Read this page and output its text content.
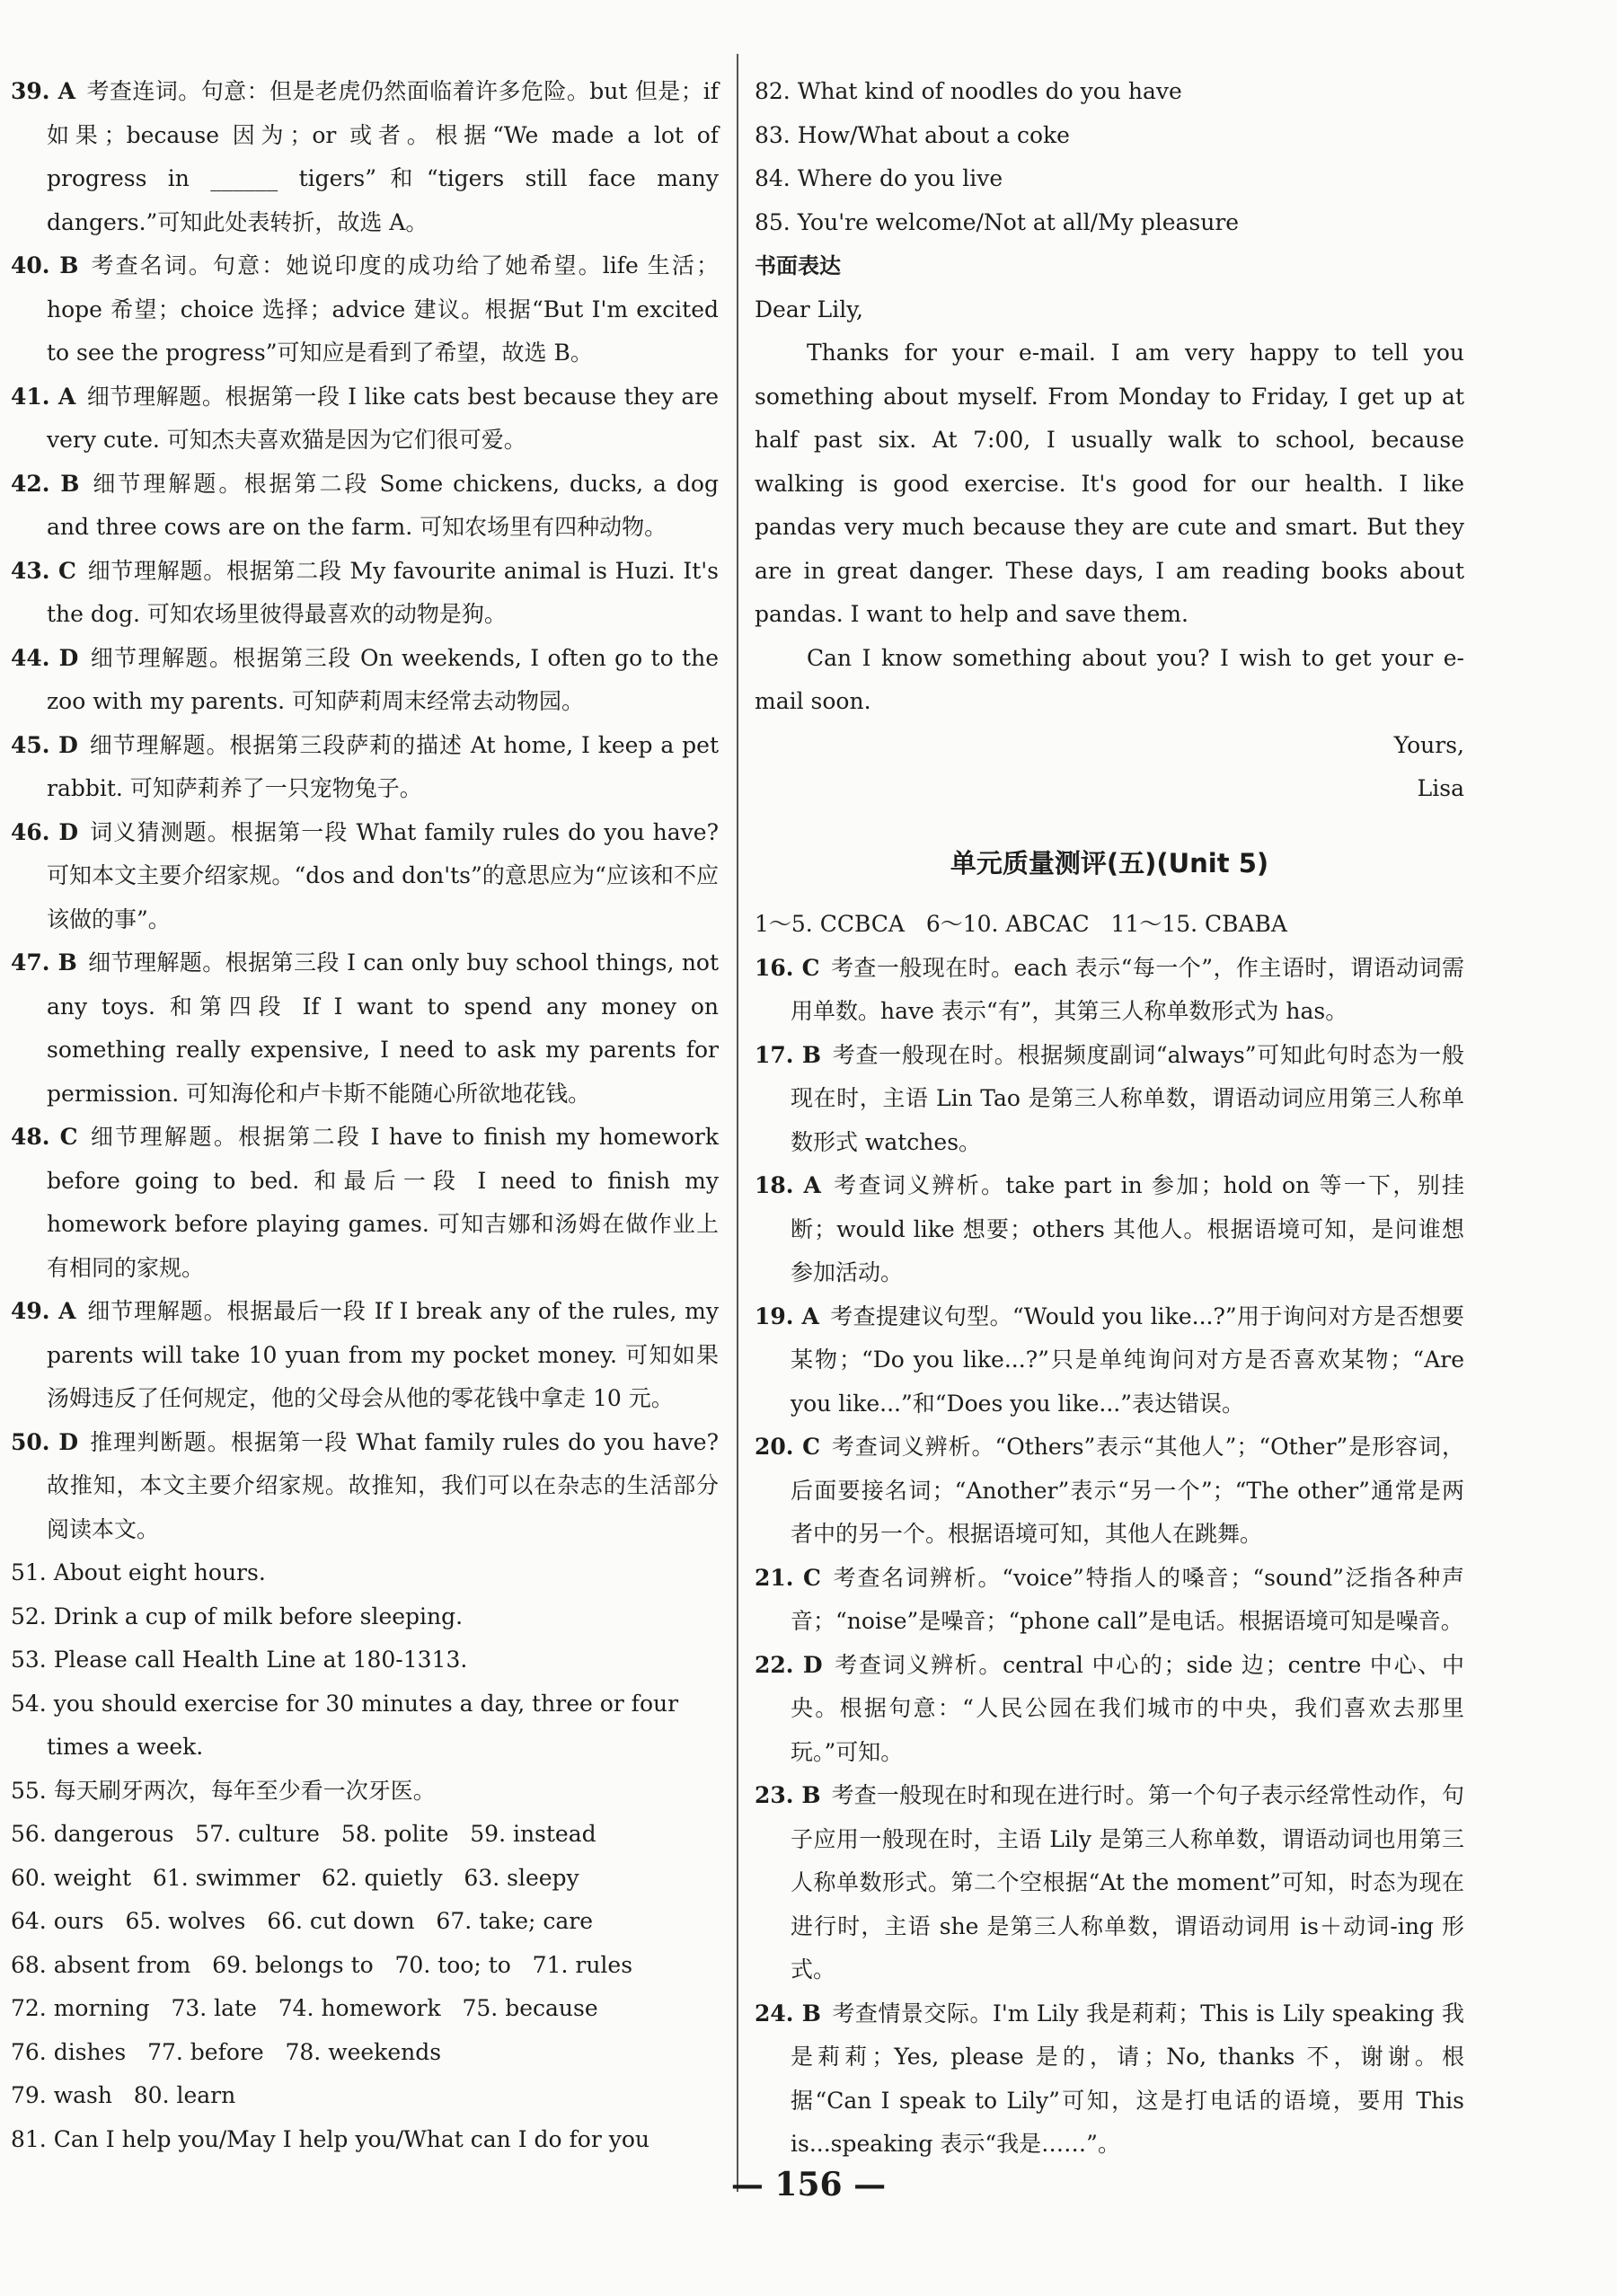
39. A 考查连词。句意：但是老虎仍然面临着许多危险。but 但是；if 如果；because 因为；or 或者。根据“We made a lot of progress in ______ tigers”和“tigers still face many dangers.”可知此处表转折，故选 A。
40. B 考查名词。句意：她说印度的成功给了她希望。life 生活；hope 希望；choice 选择；advice 建议。根据“But I'm excited to see the progress”可知应是看到了希望，故选 B。
41. A 细节理解题。根据第一段 I like cats best because they are very cute. 可知杰夫喜欢猫是因为它们很可爱。
42. B 细节理解题。根据第二段 Some chickens, ducks, a dog and three cows are on the farm. 可知农场里有四种动物。
43. C 细节理解题。根据第二段 My favourite animal is Huzi. It's the dog. 可知农场里彼得最喜欢的动物是狗。
44. D 细节理解题。根据第三段 On weekends, I often go to the zoo with my parents. 可知萨莉周末经常去动物园。
45. D 细节理解题。根据第三段萨莉的描述 At home, I keep a pet rabbit. 可知萨莉养了一只宠物兔子。
46. D 词义猜测题。根据第一段 What family rules do you have? 可知本文主要介绍家规。“dos and don'ts”的意思应为“应该和不应该做的事”。
47. B 细节理解题。根据第三段 I can only buy school things, not any toys. 和第四段 If I want to spend any money on something really expensive, I need to ask my parents for permission. 可知海伦和卢卡斯不能随心所欲地花钱。
48. C 细节理解题。根据第二段 I have to finish my homework before going to bed. 和最后一段 I need to finish my homework before playing games. 可知吉娜和汤姆在做作业上有相同的家规。
49. A 细节理解题。根据最后一段 If I break any of the rules, my parents will take 10 yuan from my pocket money. 可知如果汤姆违反了任何规定，他的父母会从他的零花钱中拿走 10 元。
50. D 推理判断题。根据第一段 What family rules do you have? 故推知，本文主要介绍家规。故推知，我们可以在杂志的生活部分阅读本文。
51. About eight hours.
52. Drink a cup of milk before sleeping.
53. Please call Health Line at 180-1313.
54. you should exercise for 30 minutes a day, three or four times a week.
55. 每天刷牙两次，每年至少看一次牙医。
56. dangerous   57. culture   58. polite   59. instead
60. weight   61. swimmer   62. quietly   63. sleepy
64. ours   65. wolves   66. cut down   67. take; care
68. absent from   69. belongs to   70. too; to   71. rules
72. morning   73. late   74. homework   75. because
76. dishes   77. before   78. weekends
79. wash   80. learn
81. Can I help you/May I help you/What can I do for you
82. What kind of noodles do you have
83. How/What about a coke
84. Where do you live
85. You're welcome/Not at all/My pleasure
书面表达
Dear Lily,
Thanks for your e-mail. I am very happy to tell you something about myself. From Monday to Friday, I get up at half past six. At 7:00, I usually walk to school, because walking is good exercise. It's good for our health. I like pandas very much because they are cute and smart. But they are in great danger. These days, I am reading books about pandas. I want to help and save them.
Can I know something about you? I wish to get your e-mail soon.
Yours,
Lisa
单元质量测评(五)(Unit 5)
1～5. CCBCA   6～10. ABCAC   11～15. CBABA
16. C 考查一般现在时。each 表示“每一个”，作主语时，谓语动词需用单数。have 表示“有”，其第三人称单数形式为 has。
17. B 考查一般现在时。根据频度副词“always”可知此句时态为一般现在时，主语 Lin Tao 是第三人称单数，谓语动词应用第三人称单数形式 watches。
18. A 考查词义辨析。take part in 参加；hold on 等一下，别挂断；would like 想要；others 其他人。根据语境可知，是问谁想参加活动。
19. A 考查提建议句型。“Would you like...?”用于询问对方是否想要某物；“Do you like...?”只是单纯询问对方是否喜欢某物；“Are you like...”和“Does you like...”表达错误。
20. C 考查词义辨析。“Others”表示“其他人”；“Other”是形容词，后面要接名词；“Another”表示“另一个”；“The other”通常是两者中的另一个。根据语境可知，其他人在跳舞。
21. C 考查名词辨析。“voice”特指人的嗓音；“sound”泛指各种声音；“noise”是噪音；“phone call”是电话。根据语境可知是噪音。
22. D 考查词义辨析。central 中心的；side 边；centre 中心、中央。根据句意：“人民公园在我们城市的中央，我们喜欢去那里玩。”可知。
23. B 考查一般现在时和现在进行时。第一个句子表示经常性动作，句子应用一般现在时，主语 Lily 是第三人称单数，谓语动词也用第三人称单数形式。第二个空根据“At the moment”可知，时态为现在进行时，主语 she 是第三人称单数，谓语动词用 is＋动词-ing 形式。
24. B 考查情景交际。I'm Lily 我是莉莉；This is Lily speaking 我是莉莉；Yes, please 是的，请；No, thanks 不，谢谢。根据“Can I speak to Lily”可知，这是打电话的语境，要用 This is...speaking 表示“我是……”。
— 156 —
